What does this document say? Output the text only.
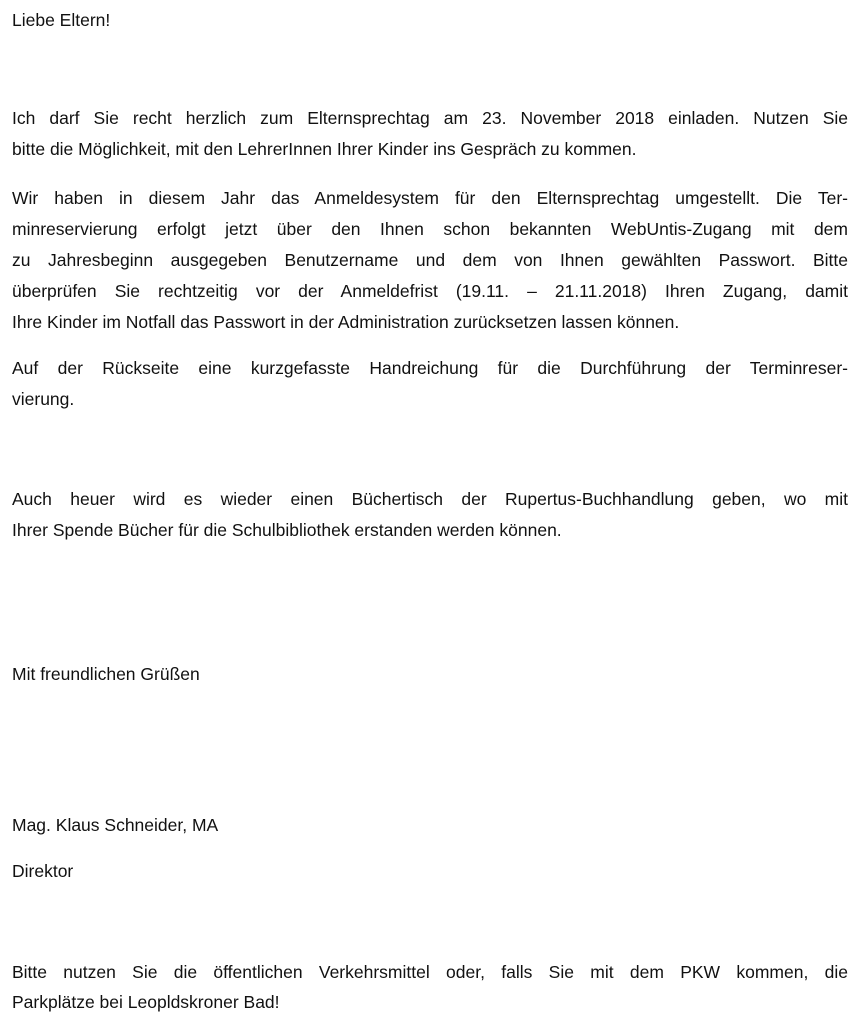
Liebe Eltern!
Ich darf Sie recht herzlich zum Elternsprechtag am 23. November 2018 einladen. Nutzen Sie
bitte die Möglichkeit, mit den LehrerInnen Ihrer Kinder ins Gespräch zu kommen.
Wir haben in diesem Jahr das Anmeldesystem für den Elternsprechtag umgestellt. Die Ter-
minreservierung erfolgt jetzt über den Ihnen schon bekannten WebUntis-Zugang mit dem
zu Jahresbeginn ausgegeben Benutzername und dem von Ihnen gewählten Passwort. Bitte
überprüfen Sie rechtzeitig vor der Anmeldefrist (19.11. – 21.11.2018) Ihren Zugang, damit
Ihre Kinder im Notfall das Passwort in der Administration zurücksetzen lassen können.
Auf der Rückseite eine kurzgefasste Handreichung für die Durchführung der Terminreser-
vierung.
Auch heuer wird es wieder einen Büchertisch der Rupertus-Buchhandlung geben, wo mit
Ihrer Spende Bücher für die Schulbibliothek erstanden werden können.
Mit freundlichen Grüßen
Mag. Klaus Schneider, MA
Direktor
Bitte nutzen Sie die öffentlichen Verkehrsmittel oder, falls Sie mit dem PKW kommen, die
Parkplätze bei Leopldskroner Bad!
